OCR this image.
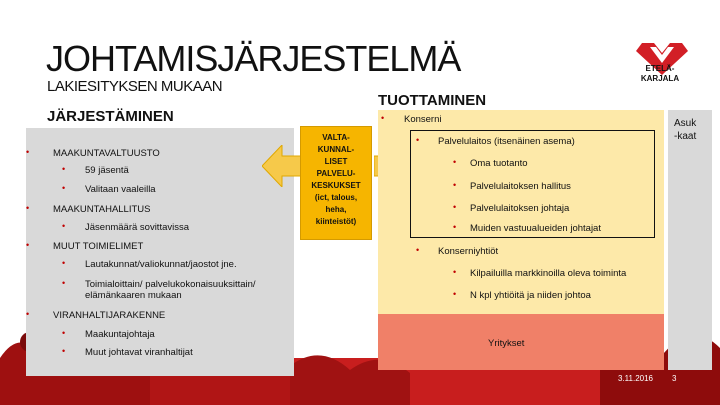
JOHTAMISJÄRJESTELMÄ
LAKIESITYKSEN MUKAAN
ETELÄ-
KARJALA
JÄRJESTÄMINEN
•	MAAKUNTAVALTUUSTO
• 59 jäsentä
• Valitaan vaaleilla
•	MAAKUNTAHALLITUS
• Jäsenmäärä sovittavissa
•	MUUT TOIMIELIMET
• Lautakunnat/valiokunnat/jaostot jne.
• Toimialoittain/ palvelukokonaisuuksittain/
elämänkaaren mukaan
•	VIRANHALTIJARAKENNE
• Maakuntajohtaja
• Muut johtavat viranhaltijat
VALTA-
KUNNAL-
LISET
PALVELU-
KESKUKSET
(ict, talous,
heha,
kiinteistöt)
TUOTTAMINEN
• Konserni
• Palvelulaitos (itsenäinen asema)
• Oma tuotanto
• Palvelulaitoksen hallitus
• Palvelulaitoksen johtaja
• Muiden vastuualueiden johtajat
• Konserniyhtiöt
• Kilpailuilla markkinoilla oleva toiminta
• N kpl yhtiöitä ja niiden johtoa
Yritykset
Asuk
-kaat
3.11.2016 3
